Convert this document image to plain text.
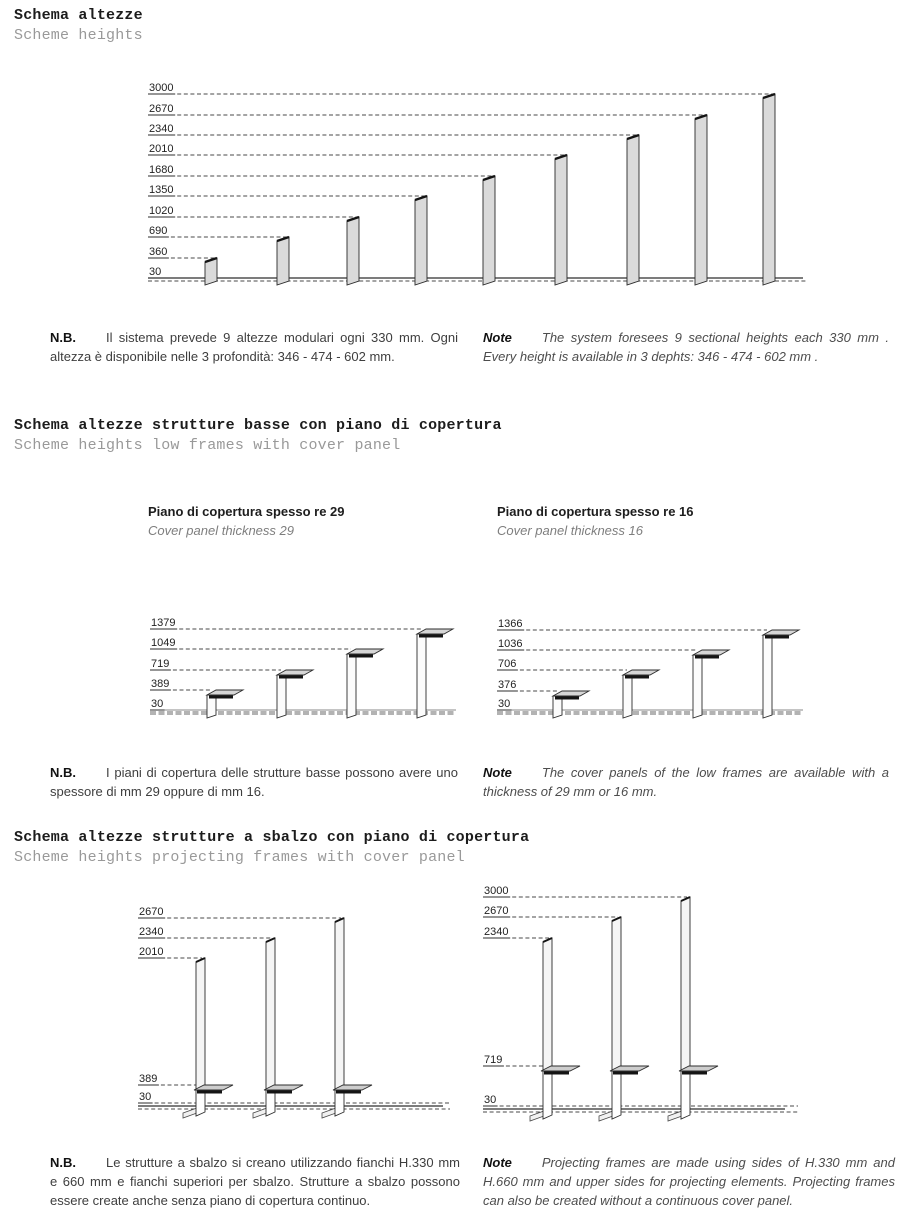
Schema altezze
Scheme heights
3000
2670
2340
2010
1680
1350
1020
690
360
30

N.B. Il sistema prevede 9 altezze modulari ogni 330 mm. Ogni altezza è disponibile nelle 3 profondità: 346 - 474 - 602 mm.

Note The system foresees 9 sectional heights each 330 mm . Every height is available in 3 dephts: 346 - 474 - 602 mm .

Schema altezze strutture basse con piano di copertura
Scheme heights low frames with cover panel
Piano di copertura spesso re 29
Cover panel thickness 29
Piano di copertura spesso re 16
Cover panel thickness 16
1379
1049
719
389
30
1366
1036
706
376
30

N.B. I piani di copertura delle strutture basse possono avere uno spessore di mm 29 oppure di mm 16.

Note The cover panels of the low frames are available with a thickness of 29 mm or 16 mm.

Schema altezze strutture a sbalzo con piano di copertura
Scheme heights projecting frames with cover panel
2670
2340
2010
389
30
3000
2670
2340
719
30

N.B. Le strutture a sbalzo si creano utilizzando fianchi H.330 mm e 660 mm e fianchi superiori per sbalzo. Strutture a sbalzo possono essere create anche senza piano di copertura continuo.

Note Projecting frames are made using sides of H.330 mm and H.660 mm and upper sides for projecting elements. Projecting frames can also be created without a continuous cover panel.
